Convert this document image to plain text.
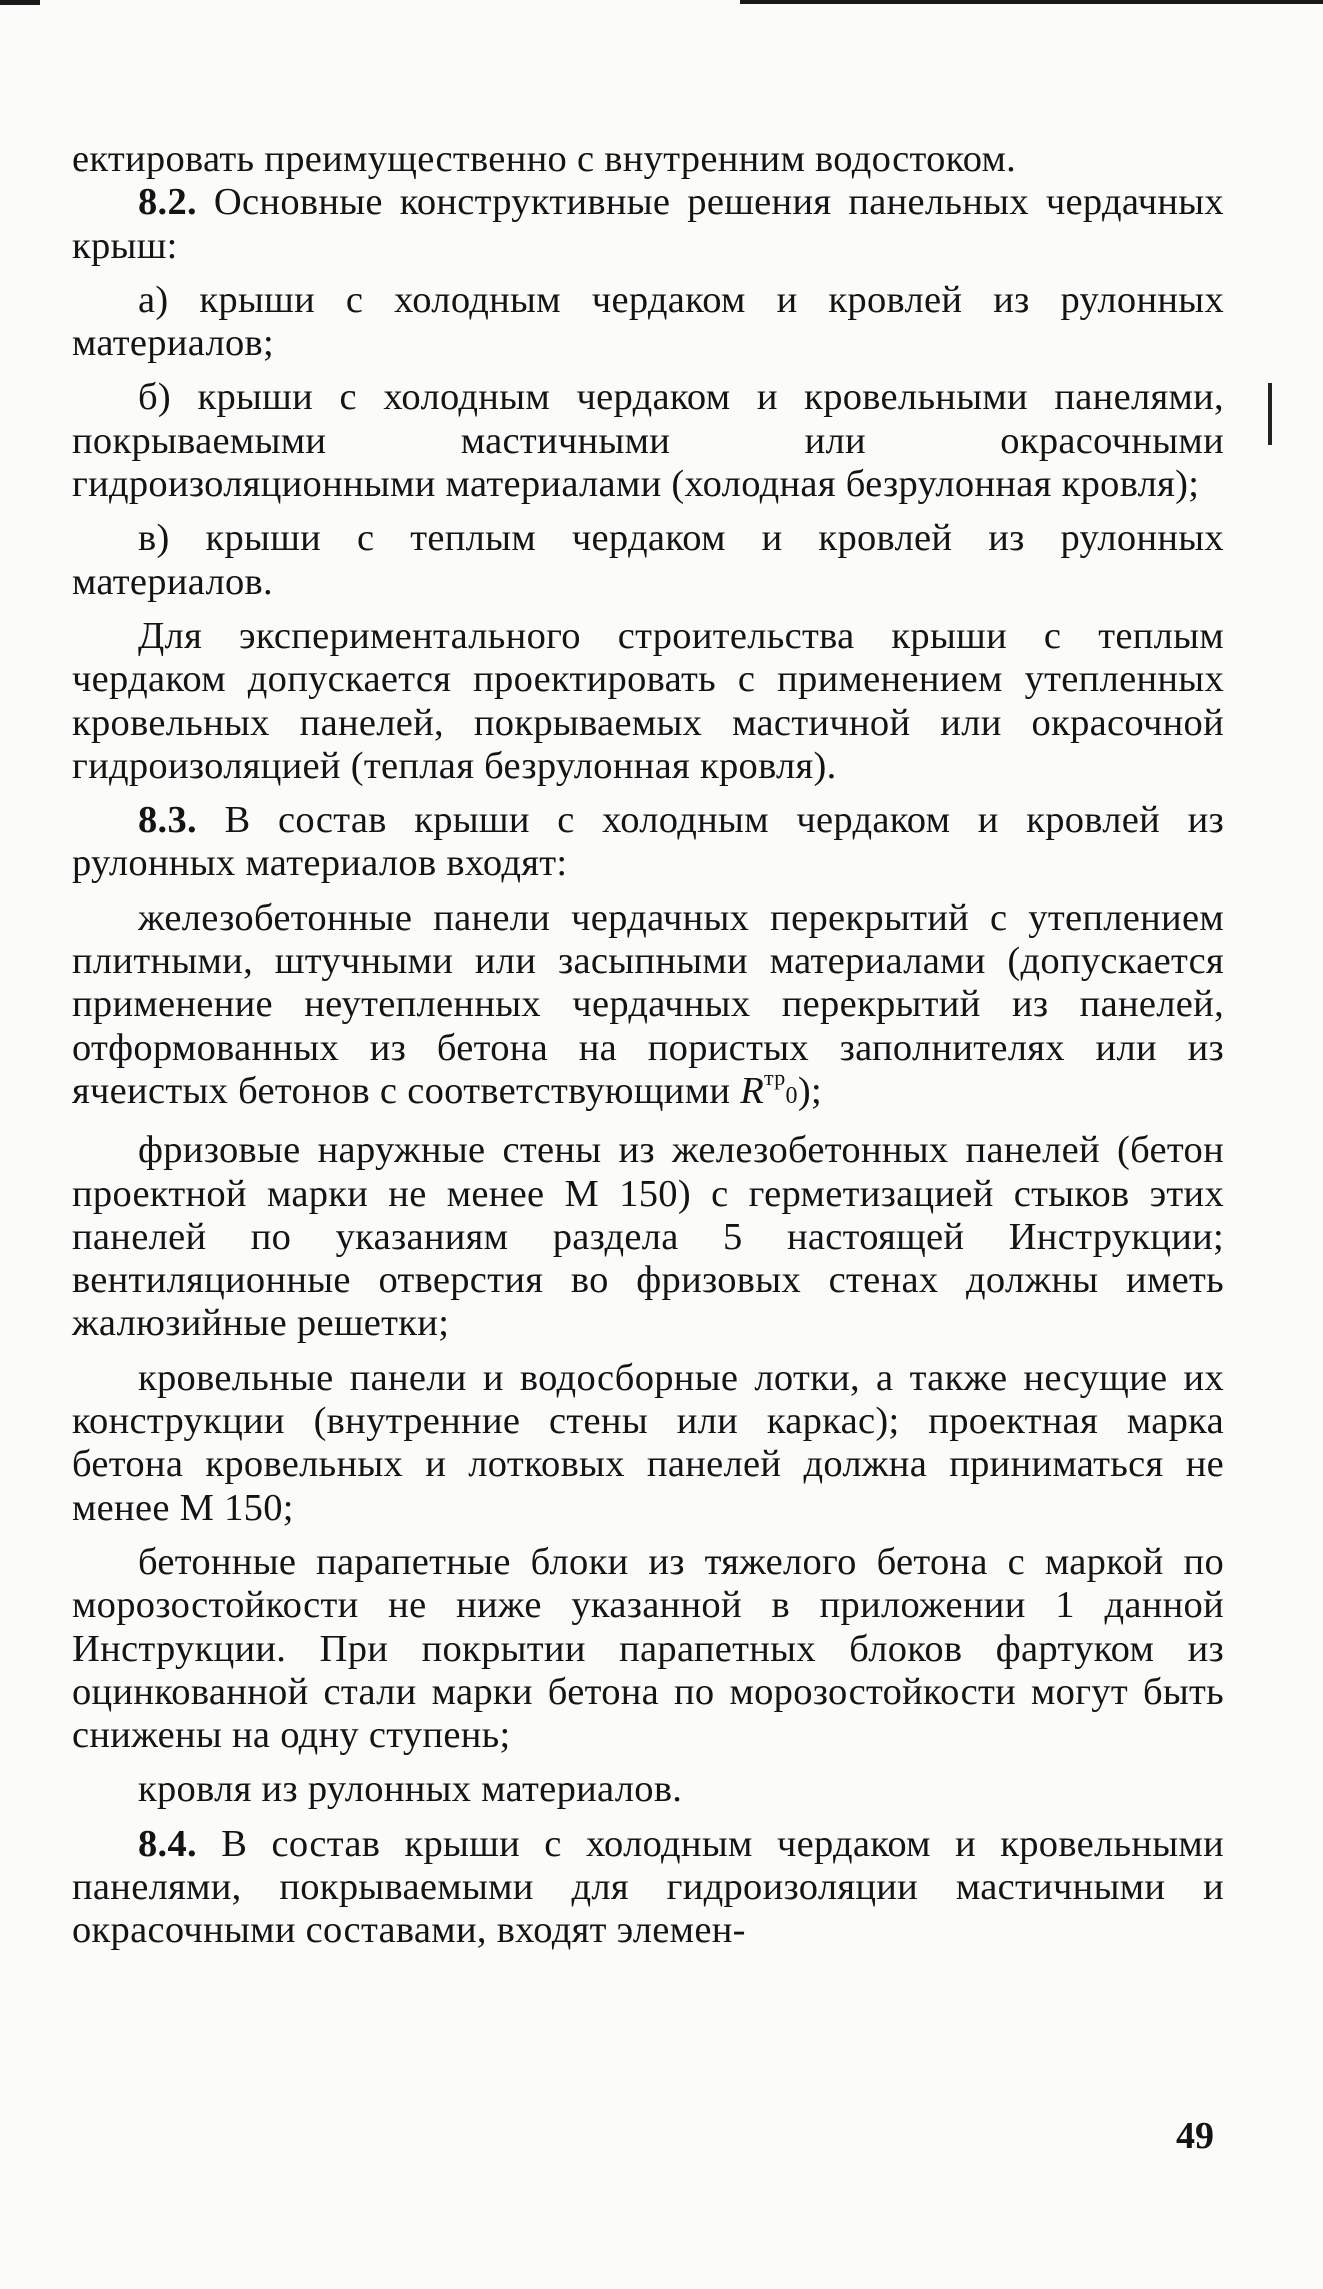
ектировать преимущественно с внутренним водостоком.

8.2. Основные конструктивные решения панельных чердачных крыш:

а) крыши с холодным чердаком и кровлей из рулонных материалов;

б) крыши с холодным чердаком и кровельными панелями, покрываемыми мастичными или окрасочными гидроизоляционными материалами (холодная безрулонная кровля);

в) крыши с теплым чердаком и кровлей из рулонных материалов.

Для экспериментального строительства крыши с теплым чердаком допускается проектировать с применением утепленных кровельных панелей, покрываемых мастичной или окрасочной гидроизоляцией (теплая безрулонная кровля).

8.3. В состав крыши с холодным чердаком и кровлей из рулонных материалов входят:

железобетонные панели чердачных перекрытий с утеплением плитными, штучными или засыпными материалами (допускается применение неутепленных чердачных перекрытий из панелей, отформованных из бетона на пористых заполнителях или из ячеистых бетонов с соответствующими $R^{тр}0$);

фризовые наружные стены из железобетонных панелей (бетон проектной марки не менее М 150) с герметизацией стыков этих панелей по указаниям раздела 5 настоящей Инструкции; вентиляционные отверстия во фризовых стенах должны иметь жалюзийные решетки;

кровельные панели и водосборные лотки, а также несущие их конструкции (внутренние стены или каркас); проектная марка бетона кровельных и лотковых панелей должна приниматься не менее М 150;

бетонные парапетные блоки из тяжелого бетона с маркой по морозостойкости не ниже указанной в приложении 1 данной Инструкции. При покрытии парапетных блоков фартуком из оцинкованной стали марки бетона по морозостойкости могут быть снижены на одну ступень;

кровля из рулонных материалов.

8.4. В состав крыши с холодным чердаком и кровельными панелями, покрываемыми для гидроизоляции мастичными и окрасочными составами, входят элемен-

49
